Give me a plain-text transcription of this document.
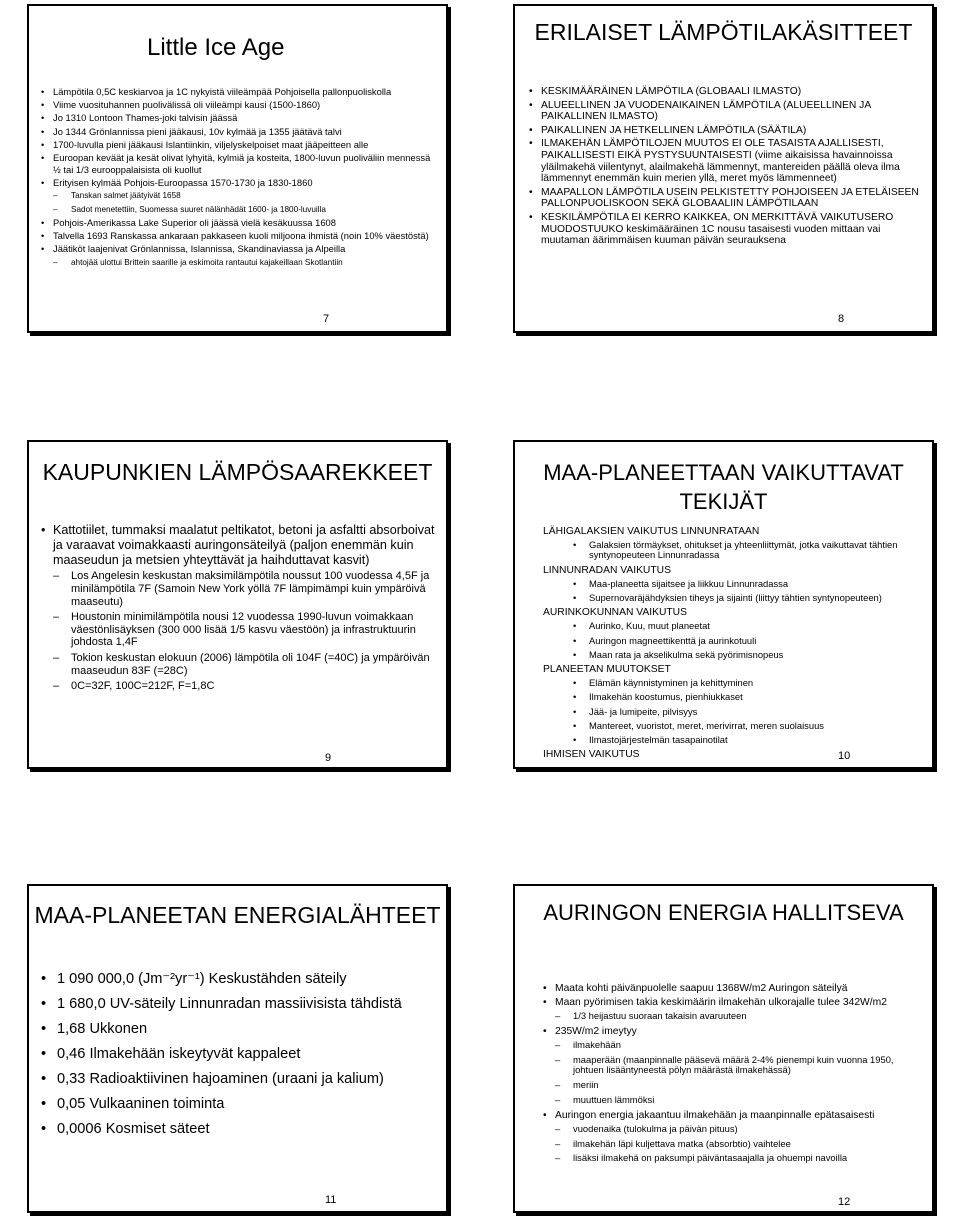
Little Ice Age
• Lämpötila 0,5C keskiarvoa ja 1C nykyistä viileämpää Pohjoisella pallonpuoliskolla
• Viime vuosituhannen puolivälissä oli viileämpi kausi (1500-1860)
• Jo 1310 Lontoon Thames-joki talvisin jäässä
• Jo 1344 Grönlannissa pieni jääkausi, 10v kylmää ja 1355 jäätävä talvi
• 1700-luvulla pieni jääkausi Islantiinkin, viljelyskelpoiset maat jääpeitteen alle
• Euroopan keväät ja kesät olivat lyhyitä, kylmiä ja kosteita, 1800-luvun puoliväliin mennessä ½ tai 1/3 eurooppalaisista oli kuollut
• Erityisen kylmää Pohjois-Euroopassa 1570-1730 ja 1830-1860
– Tanskan salmet jäätyivät 1658
– Sadot menetettiin, Suomessa suuret nälänhädät 1600- ja 1800-luvuilla
• Pohjois-Amerikassa Lake Superior oli jäässä vielä kesäkuussa 1608
• Talvella 1693 Ranskassa ankaraan pakkaseen kuoli miljoona ihmistä (noin 10% väestöstä)
• Jäätiköt laajenivat Grönlannissa, Islannissa, Skandinaviassa ja Alpeilla
– ahtojää ulottui Brittein saarille ja eskimoita rantautui kajakeillaan Skotlantiin
7
ERILAISET LÄMPÖTILAKÄSITTEET
• KESKIMÄÄRÄINEN LÄMPÖTILA (GLOBAALI ILMASTO)
• ALUEELLINEN JA VUODENAIKAINEN LÄMPÖTILA (ALUEELLINEN JA PAIKALLINEN ILMASTO)
• PAIKALLINEN JA HETKELLINEN LÄMPÖTILA (SÄÄTILA)
• ILMAKEHÄN LÄMPÖTILOJEN MUUTOS EI OLE TASAISTA AJALLISESTI, PAIKALLISESTI EIKÄ PYSTYSUUNTAISESTI (viime aikaisissa havainnoissa yläilmakehä viilentynyt, alailmakehä lämmennyt, mantereiden päällä oleva ilma lämmennyt enemmän kuin merien yllä, meret myös lämmenneet)
• MAAPALLON LÄMPÖTILA USEIN PELKISTETTY POHJOISEEN JA ETELÄISEEN PALLONPUOLISKOON SEKÄ GLOBAALIIN LÄMPÖTILAAN
• KESKILÄMPÖTILA EI KERRO KAIKKEA, ON MERKITTÄVÄ VAIKUTUSERO MUODOSTUUKO keskimääräinen 1C nousu tasaisesti vuoden mittaan vai muutaman äärimmäisen kuuman päivän seurauksena
8
KAUPUNKIEN LÄMPÖSAAREKKEET
• Kattotiilet, tummaksi maalatut peltikatot, betoni ja asfaltti absorboivat ja varaavat voimakkaasti auringonsäteilyä (paljon enemmän kuin maaseudun ja metsien yhteyttävät ja haihduttavat kasvit)
– Los Angelesin keskustan maksimilämpötila noussut 100 vuodessa 4,5F ja minilämpötila 7F (Samoin New York yöllä 7F lämpimämpi kuin ympäröivä maaseutu)
– Houstonin minimilämpötila nousi 12 vuodessa 1990-luvun voimakkaan väestönlisäyksen (300 000 lisää 1/5 kasvu väestöön) ja infrastruktuurin johdosta 1,4F
– Tokion keskustan elokuun (2006) lämpötila oli 104F (=40C) ja ympäröivän maaseudun 83F (=28C)
– 0C=32F, 100C=212F, F=1,8C
9
MAA-PLANEETTAAN VAIKUTTAVAT TEKIJÄT
LÄHIGALAKSIEN VAIKUTUS LINNUNRATAAN
• Galaksien törmäykset, ohitukset ja yhteenliittymät, jotka vaikuttavat tähtien syntynopeuteen Linnunradassa
LINNUNRADAN VAIKUTUS
• Maa-planeetta sijaitsee ja liikkuu Linnunradassa
• Supernovaräjähdyksien tiheys ja sijainti (liittyy tähtien syntynopeuteen)
AURINKOKUNNAN VAIKUTUS
• Aurinko, Kuu, muut planeetat
• Auringon magneettikenttä ja aurinkotuuli
• Maan rata ja akselikulma sekä pyörimisnopeus
PLANEETAN MUUTOKSET
• Elämän käynnistyminen ja kehittyminen
• Ilmakehän koostumus, pienhiukkaset
• Jää- ja lumipeite, pilvisyys
• Mantereet, vuoristot, meret, merivirrat, meren suolaisuus
• Ilmastojärjestelmän tasapainotilat
IHMISEN VAIKUTUS	10
MAA-PLANEETAN ENERGIALÄHTEET
• 1 090 000,0 (Jm⁻²yr⁻¹) Keskustähden säteily
• 1 680,0 UV-säteily Linnunradan massiivisista tähdistä
• 1,68 Ukkonen
• 0,46 Ilmakehään iskeytyvät kappaleet
• 0,33 Radioaktiivinen hajoaminen (uraani ja kalium)
• 0,05 Vulkaaninen toiminta
• 0,0006 Kosmiset säteet
11
AURINGON ENERGIA HALLITSEVA
• Maata kohti päivänpuolelle saapuu 1368W/m2 Auringon säteilyä
• Maan pyörimisen takia keskimäärin ilmakehän ulkorajalle tulee 342W/m2
– 1/3 heijastuu suoraan takaisin avaruuteen
• 235W/m2 imeytyy
– ilmakehään
– maaperään (maanpinnalle pääsevä määrä 2-4% pienempi kuin vuonna 1950, johtuen lisääntyneestä pölyn määrästä ilmakehässä)
– meriin
– muuttuen lämmöksi
• Auringon energia jakaantuu ilmakehään ja maanpinnalle epätasaisesti
– vuodenaika (tulokulma ja päivän pituus)
– ilmakehän läpi kuljettava matka (absorbtio) vaihtelee
– lisäksi ilmakehä on paksumpi päiväntasaajalla ja ohuempi navoilla
12
